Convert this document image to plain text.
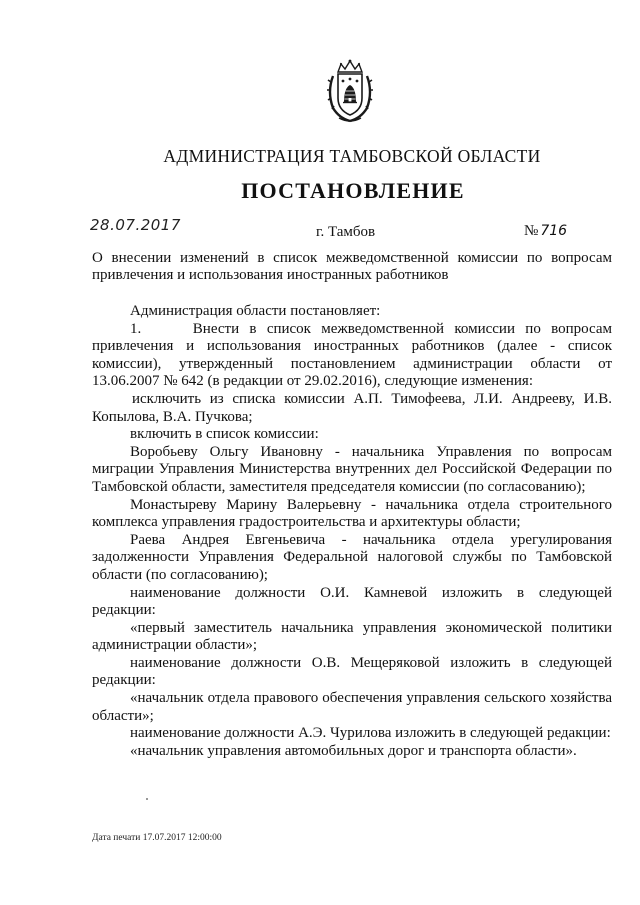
АДМИНИСТРАЦИЯ ТАМБОВСКОЙ ОБЛАСТИ
ПОСТАНОВЛЕНИЕ
28.07.2017	г. Тамбов	№ 716
О внесении изменений в список межведомственной комиссии по вопросам привлечения и использования иностранных работников

Администрация области постановляет:

1.     Внести в список межведомственной комиссии по вопросам привлечения и использования иностранных работников (далее - список комиссии), утвержденный постановлением администрации области от 13.06.2007 № 642 (в редакции от 29.02.2016), следующие изменения:

исключить из списка комиссии А.П. Тимофеева, Л.И. Андрееву, И.В. Копылова, В.А. Пучкова;

включить в список комиссии:

Воробьеву Ольгу Ивановну - начальника Управления по вопросам миграции Управления Министерства внутренних дел Российской Федерации по Тамбовской области, заместителя председателя комиссии (по согласованию);

Монастыреву Марину Валерьевну - начальника отдела строительного комплекса управления градостроительства и архитектуры области;

Раева Андрея Евгеньевича - начальника отдела урегулирования задолженности Управления Федеральной налоговой службы по Тамбовской области (по согласованию);

наименование должности О.И. Камневой изложить в следующей редакции:

«первый заместитель начальника управления экономической политики администрации области»;

наименование должности О.В. Мещеряковой изложить в следующей редакции:

«начальник отдела правового обеспечения управления сельского хозяйства области»;

наименование должности А.Э. Чурилова изложить в следующей редакции:

«начальник управления автомобильных дорог и транспорта области».

Дата печати 17.07.2017 12:00:00
